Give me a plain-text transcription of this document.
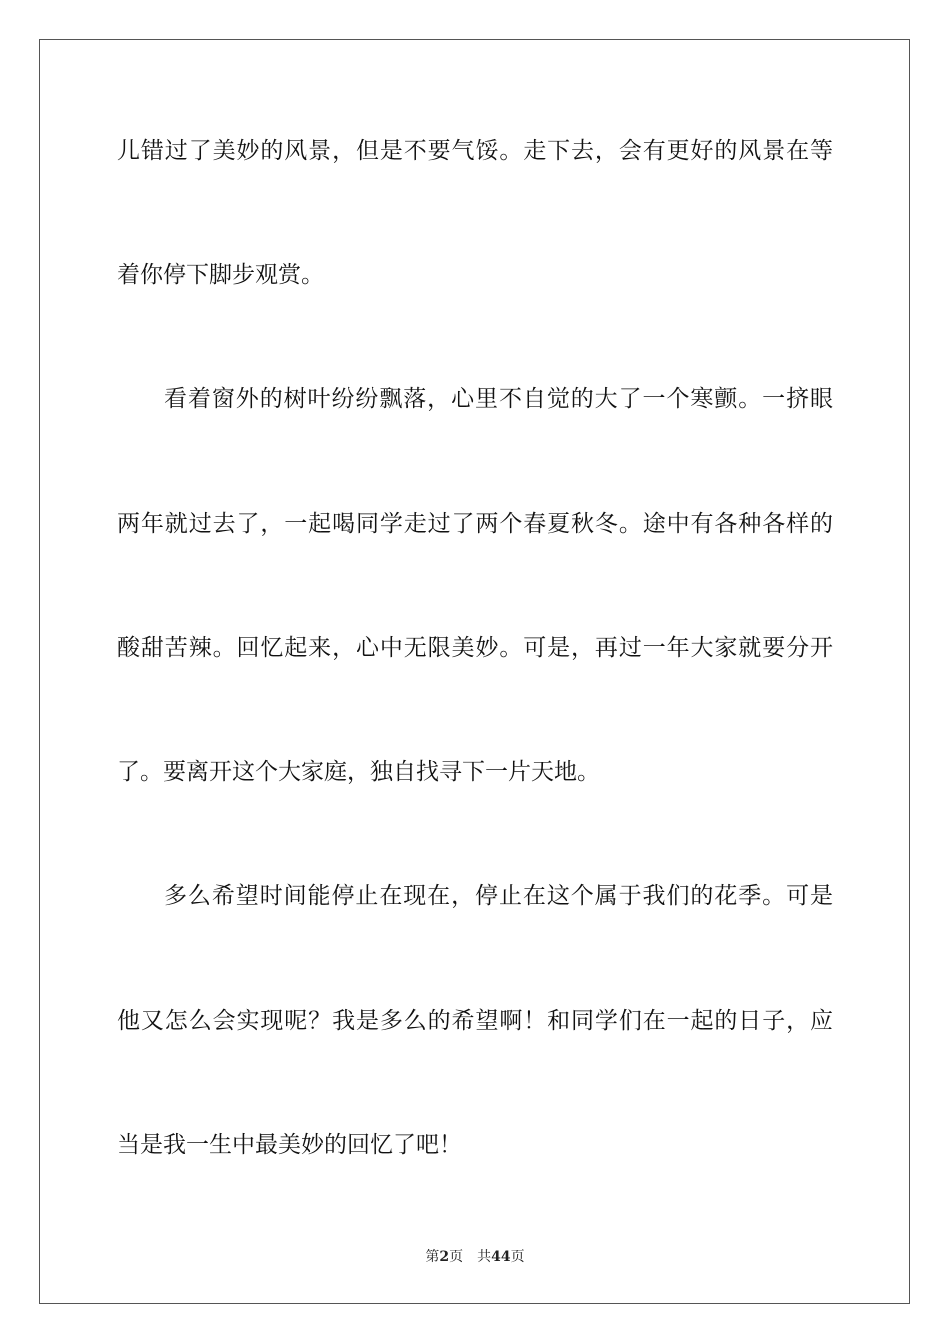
儿错过了美妙的风景，但是不要气馁。走下去，会有更好的风景在等
着你停下脚步观赏。
看着窗外的树叶纷纷飘落，心里不自觉的大了一个寒颤。一挤眼
两年就过去了，一起喝同学走过了两个春夏秋冬。途中有各种各样的
酸甜苦辣。回忆起来，心中无限美妙。可是，再过一年大家就要分开
了。要离开这个大家庭，独自找寻下一片天地。
多么希望时间能停止在现在，停止在这个属于我们的花季。可是
他又怎么会实现呢？我是多么的希望啊！和同学们在一起的日子，应
当是我一生中最美妙的回忆了吧！
第2页 共44页
